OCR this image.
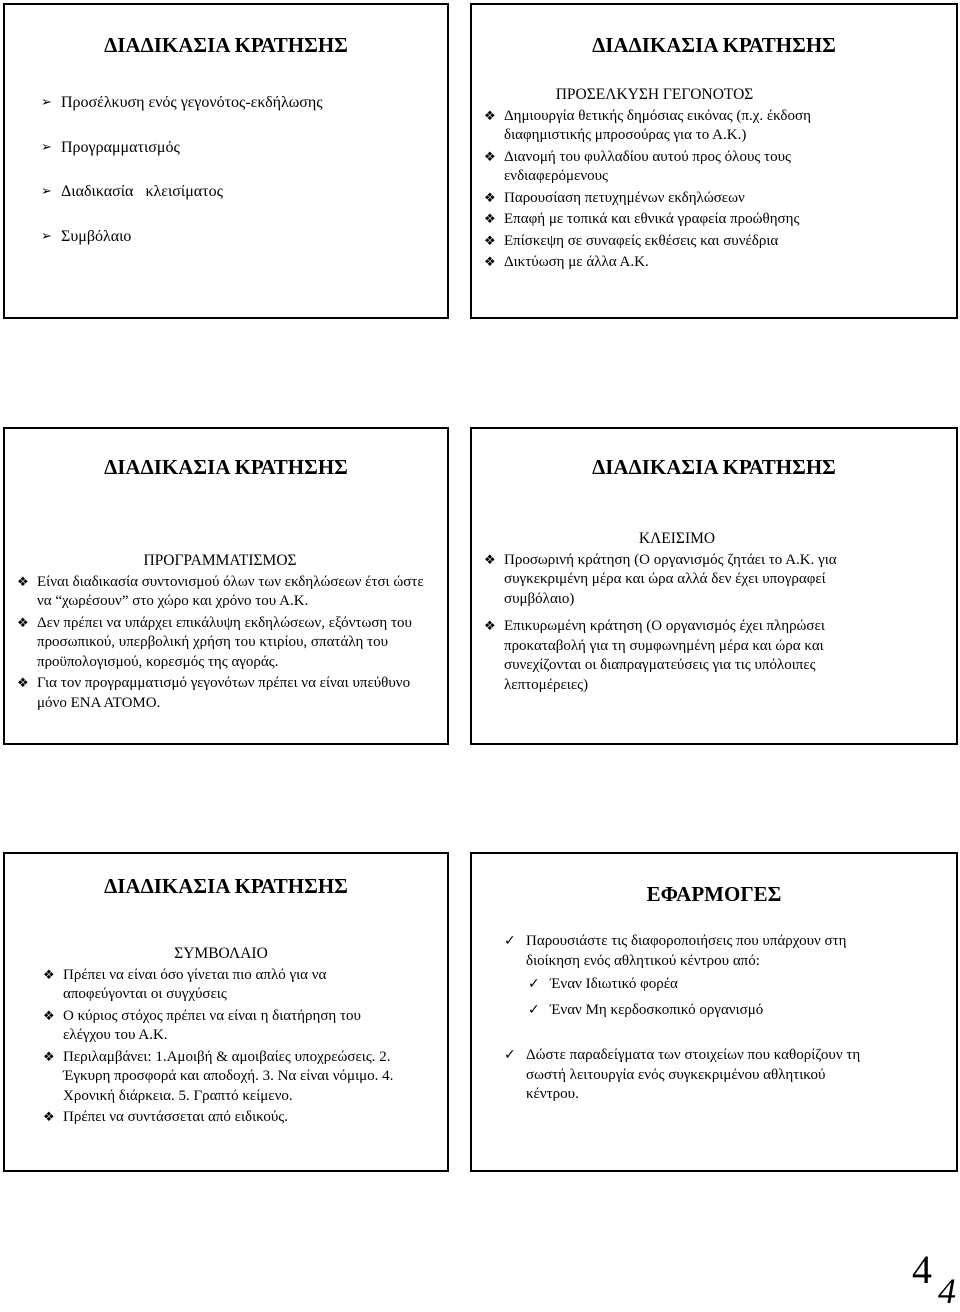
ΔΙΑΔΙΚΑΣΙΑ ΚΡΑΤΗΣΗΣ
➢ Προσέλκυση ενός γεγονότος-εκδήλωσης
➢ Προγραμματισμός
➢ Διαδικασία   κλεισίματος
➢ Συμβόλαιο
ΔΙΑΔΙΚΑΣΙΑ ΚΡΑΤΗΣΗΣ

ΠΡΟΣΕΛΚΥΣΗ ΓΕΓΟΝΟΤΟΣ

❖ Δημιουργία θετικής δημόσιας εικόνας (π.χ. έκδοση διαφημιστικής μπροσούρας για το Α.Κ.)
❖ Διανομή του φυλλαδίου αυτού προς όλους τους ενδιαφερόμενους
❖ Παρουσίαση πετυχημένων εκδηλώσεων
❖ Επαφή με τοπικά και εθνικά γραφεία προώθησης
❖ Επίσκεψη σε συναφείς εκθέσεις και συνέδρια
❖ Δικτύωση με άλλα Α.Κ.
ΔΙΑΔΙΚΑΣΙΑ ΚΡΑΤΗΣΗΣ

ΠΡΟΓΡΑΜΜΑΤΙΣΜΟΣ

❖ Είναι διαδικασία συντονισμού όλων των εκδηλώσεων έτσι ώστε να “χωρέσουν” στο χώρο και χρόνο του Α.Κ.
❖ Δεν πρέπει να υπάρχει επικάλυψη εκδηλώσεων, εξόντωση του προσωπικού, υπερβολική χρήση του κτιρίου, σπατάλη του προϋπολογισμού, κορεσμός της αγοράς.
❖ Για τον προγραμματισμό γεγονότων πρέπει να είναι υπεύθυνο μόνο ΕΝΑ ΑΤΟΜΟ.
ΔΙΑΔΙΚΑΣΙΑ ΚΡΑΤΗΣΗΣ

ΚΛΕΙΣΙΜΟ

❖ Προσωρινή κράτηση (Ο οργανισμός ζητάει το Α.Κ. για συγκεκριμένη μέρα και ώρα αλλά δεν έχει υπογραφεί συμβόλαιο)
❖ Επικυρωμένη κράτηση (Ο οργανισμός έχει πληρώσει προκαταβολή για τη συμφωνημένη μέρα και ώρα και συνεχίζονται οι διαπραγματεύσεις για τις υπόλοιπες λεπτομέρειες)
ΔΙΑΔΙΚΑΣΙΑ ΚΡΑΤΗΣΗΣ

ΣΥΜΒΟΛΑΙΟ

❖ Πρέπει να είναι όσο γίνεται πιο απλό για να αποφεύγονται οι συγχύσεις
❖ Ο κύριος στόχος πρέπει να είναι η διατήρηση του ελέγχου του Α.Κ.
❖ Περιλαμβάνει: 1.Αμοιβή & αμοιβαίες υποχρεώσεις. 2. Έγκυρη προσφορά και αποδοχή. 3. Να είναι νόμιμο. 4. Χρονική διάρκεια. 5. Γραπτό κείμενο.
❖ Πρέπει να συντάσσεται από ειδικούς.
ΕΦΑΡΜΟΓΕΣ
✓ Παρουσιάστε τις διαφοροποιήσεις που υπάρχουν στη διοίκηση ενός αθλητικού κέντρου από:
✓ Έναν Ιδιωτικό φορέα
✓ Έναν Μη κερδοσκοπικό οργανισμό
✓ Δώστε παραδείγματα των στοιχείων που καθορίζουν τη σωστή λειτουργία ενός συγκεκριμένου αθλητικού κέντρου.
4 4
